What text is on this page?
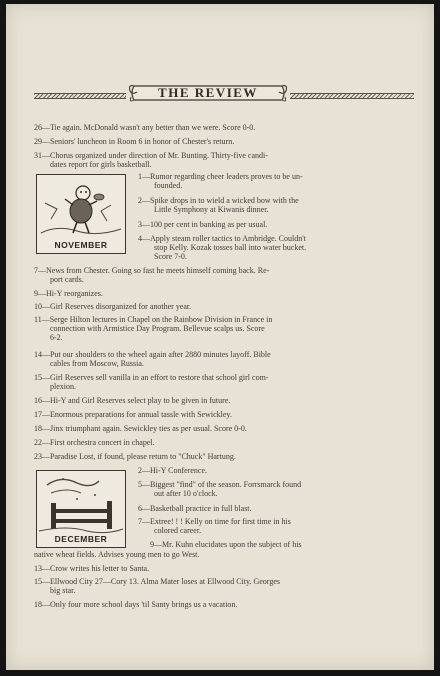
THE REVIEW
26—Tie again. McDonald wasn't any better than we were. Score 0-0.
29—Seniors' luncheon in Room 6 in honor of Chester's return.
31—Chorus organized under direction of Mr. Bunting. Thirty-five candi-
dates report for girls basketball.
NOVEMBER
1—Rumor regarding cheer leaders proves to be un-
founded.
2—Spike drops in to wield a wicked bow with the
Little Symphony at Kiwanis dinner.
3—100 per cent in banking as per usual.
4—Apply steam roller tactics to Ambridge. Couldn't
stop Kelly. Kozak tosses ball into water bucket.
Score 7-0.
7—News from Chester. Going so fast he meets himself coming back. Re-
port cards.
9—Hi-Y reorganizes.
10—Girl Reserves disorganized for another year.
11—Serge Hilton lectures in Chapel on the Rainbow Division in France in
connection with Armistice Day Program. Bellevue scalps us. Score
6-2.
14—Put our shoulders to the wheel again after 2880 minutes layoff. Bible
cables from Moscow, Russia.
15—Girl Reserves sell vanilla in an effort to restore that school girl com-
plexion.
16—Hi-Y and Girl Reserves select play to be given in future.
17—Enormous preparations for annual tassle with Sewickley.
18—Jinx triumphant again. Sewickley ties as per usual. Score 0-0.
22—First orchestra concert in chapel.
23—Paradise Lost, if found, please return to "Chuck" Hartung.
DECEMBER
2—Hi-Y Conference.
5—Biggest "find" of the season. Forrsmarck found
out after 10 o'clock.
6—Basketball practice in full blast.
7—Extree! ! ! Kelly on time for first time in his
colored career.
9—Mr. Kuhn elucidates upon the subject of his
native wheat fields. Advises young men to go West.
13—Crow writes his letter to Santa.
15—Ellwood City 27—Cory 13. Alma Mater loses at Ellwood City. Georges
big star.
18—Only four more school days 'til Santy brings us a vacation.
